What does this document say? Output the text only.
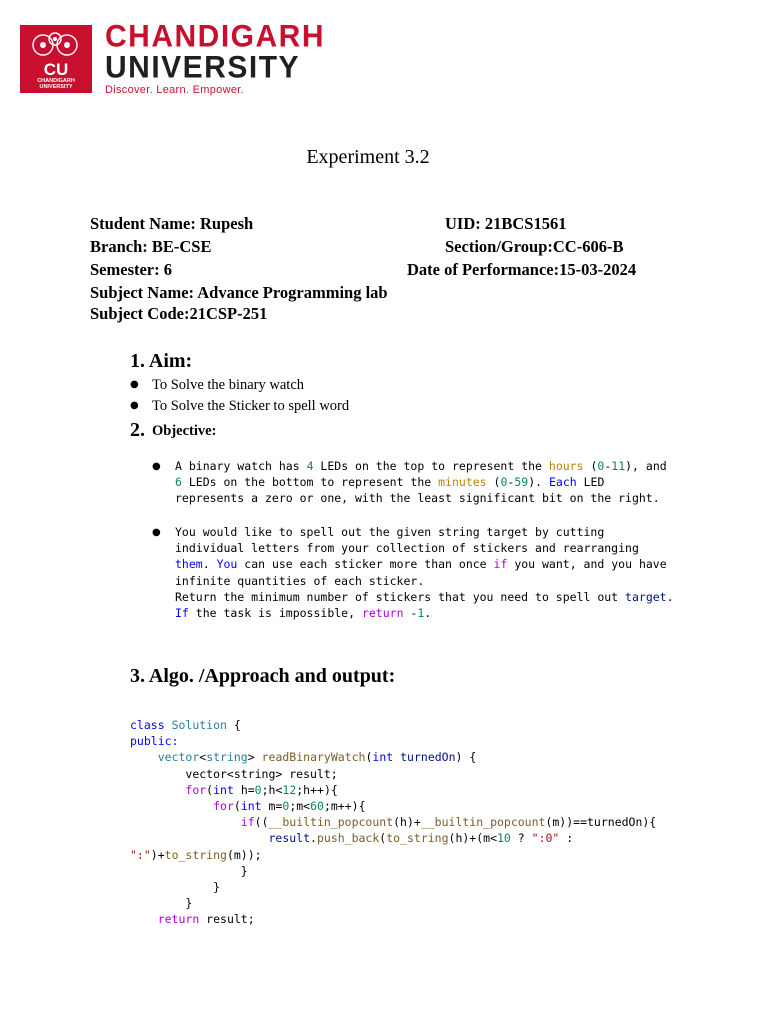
CU
CHANDIGARH UNIVERSITY
CHANDIGARH
UNIVERSITY
Discover. Learn. Empower.
Experiment 3.2
Student Name: Rupesh	UID: 21BCS1561
Branch: BE-CSE	Section/Group:CC-606-B
Semester: 6	Date of Performance:15-03-2024
Subject Name: Advance Programming lab
Subject Code:21CSP-251
1. Aim:
● To Solve the binary watch
● To Solve the Sticker to spell word
2. Objective:
● A binary watch has 4 LEDs on the top to represent the hours (0-11), and
6 LEDs on the bottom to represent the minutes (0-59). Each LED
represents a zero or one, with the least significant bit on the right.
● You would like to spell out the given string target by cutting
individual letters from your collection of stickers and rearranging
them. You can use each sticker more than once if you want, and you have
infinite quantities of each sticker.
Return the minimum number of stickers that you need to spell out target.
If the task is impossible, return -1.
3. Algo. /Approach and output:
class Solution {
public:
vector<string> readBinaryWatch(int turnedOn) {
vector<string> result;
for(int h=0;h<12;h++){
for(int m=0;m<60;m++){
if((__builtin_popcount(h)+__builtin_popcount(m))==turnedOn){
result.push_back(to_string(h)+(m<10 ? ":0" :
":")+to_string(m));
}
}
}
return result;
